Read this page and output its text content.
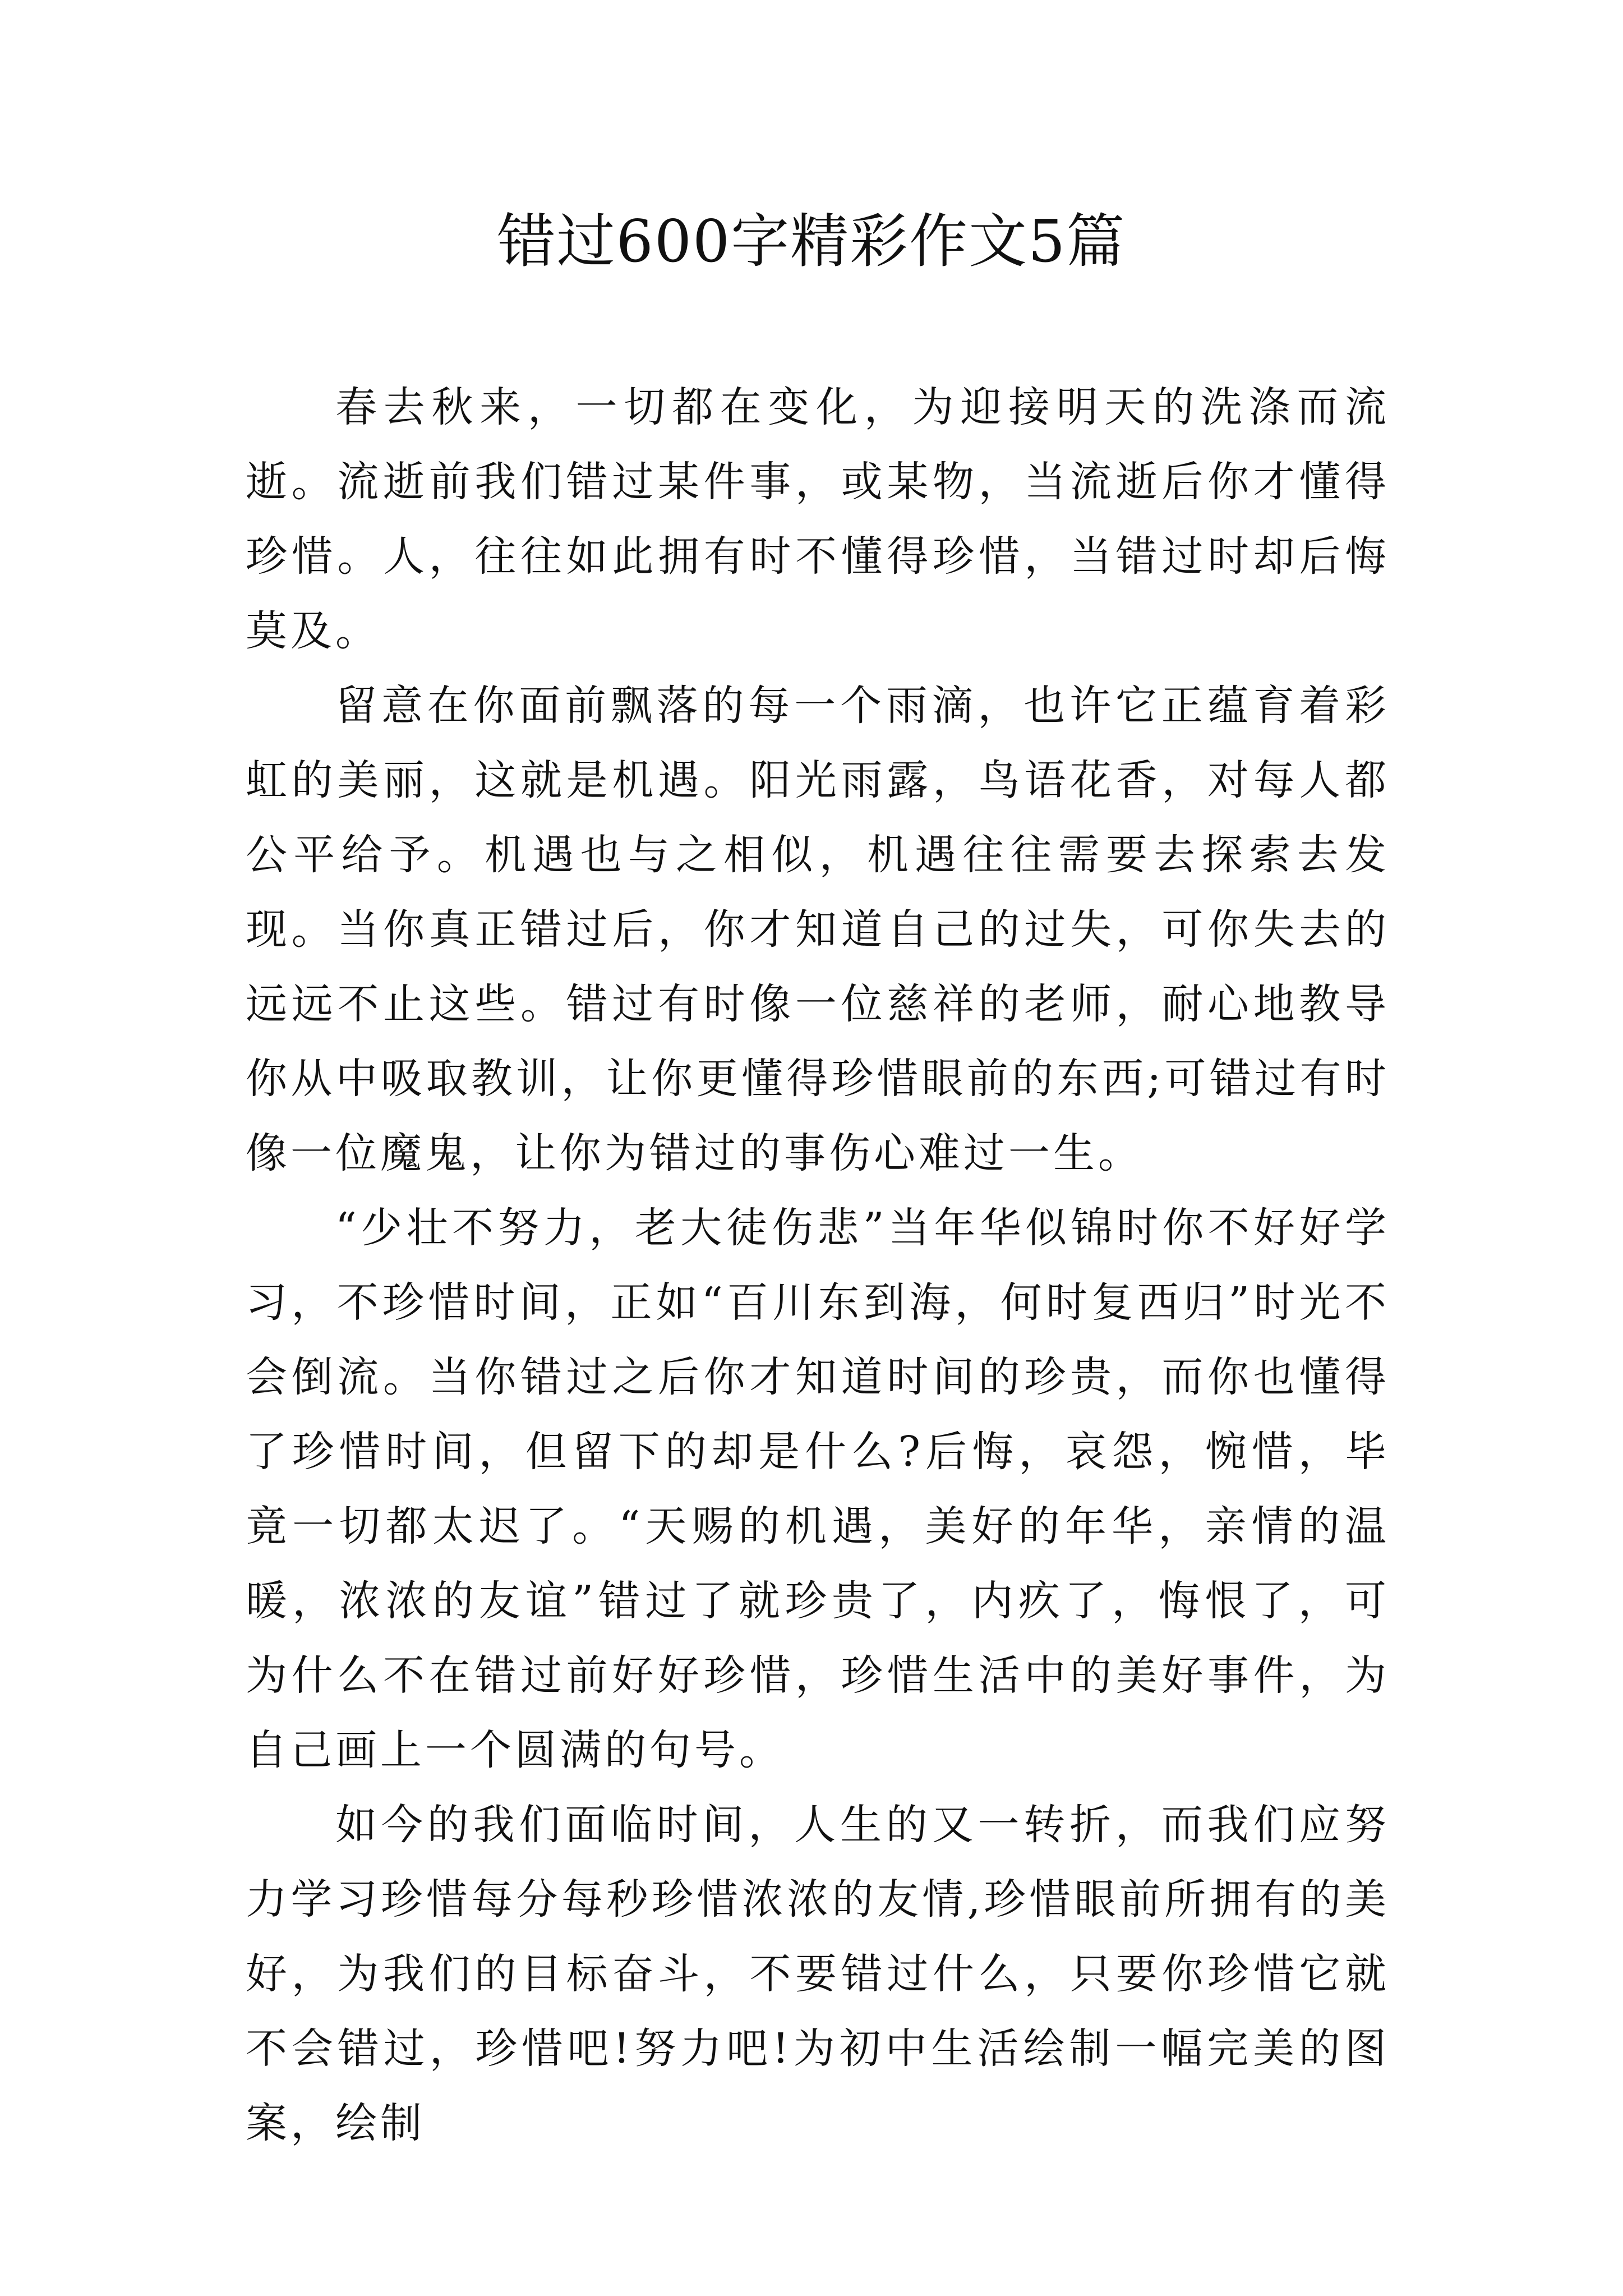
错过600字精彩作文5篇

春去秋来，一切都在变化，为迎接明天的洗涤而流逝。流逝前我们错过某件事，或某物，当流逝后你才懂得珍惜。人，往往如此拥有时不懂得珍惜，当错过时却后悔莫及。

留意在你面前飘落的每一个雨滴，也许它正蕴育着彩虹的美丽，这就是机遇。阳光雨露，鸟语花香，对每人都公平给予。机遇也与之相似，机遇往往需要去探索去发现。当你真正错过后，你才知道自己的过失，可你失去的远远不止这些。错过有时像一位慈祥的老师，耐心地教导你从中吸取教训，让你更懂得珍惜眼前的东西;可错过有时像一位魔鬼，让你为错过的事伤心难过一生。

“少壮不努力，老大徒伤悲”当年华似锦时你不好好学习，不珍惜时间，正如“百川东到海，何时复西归”时光不会倒流。当你错过之后你才知道时间的珍贵，而你也懂得了珍惜时间，但留下的却是什么?后悔，哀怨，惋惜，毕竟一切都太迟了。“天赐的机遇，美好的年华，亲情的温暖，浓浓的友谊”错过了就珍贵了，内疚了，悔恨了，可为什么不在错过前好好珍惜，珍惜生活中的美好事件，为自己画上一个圆满的句号。

如今的我们面临时间，人生的又一转折，而我们应努力学习珍惜每分每秒珍惜浓浓的友情,珍惜眼前所拥有的美好，为我们的目标奋斗，不要错过什么，只要你珍惜它就不会错过，珍惜吧!努力吧!为初中生活绘制一幅完美的图案，绘制
